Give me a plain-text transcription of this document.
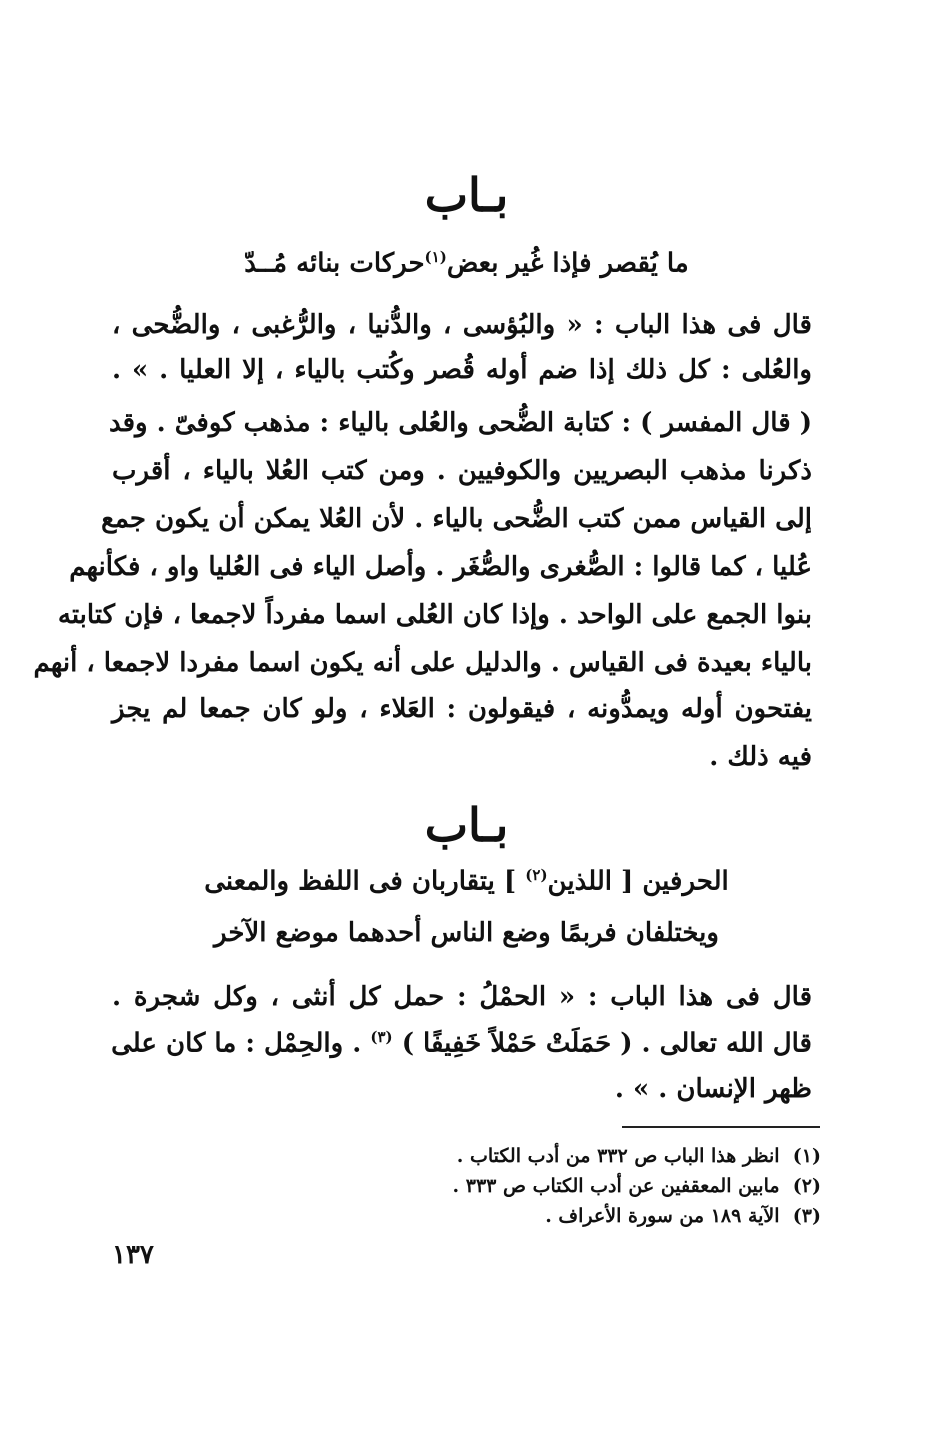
بـاب
ما يُقصر فإذا غُير بعض$^{(١)}$حركات بنائه مُــدّ
قال فى هذا الباب : « والبُؤسى ، والدُّنيا ، والرُّغبى ، والضُّحى ،
والعُلى : كل ذلك إذا ضم أوله قُصر وكُتب بالياء ، إلا العليا . » .
( قال المفسر ) : كتابة الضُّحى والعُلى بالياء : مذهب كوفىّ . وقد
ذكرنا مذهب البصريين والكوفيين . ومن كتب العُلا بالياء ، أقرب
إلى القياس ممن كتب الضُّحى بالياء . لأن العُلا يمكن أن يكون جمع
عُليا ، كما قالوا : الصُّغرى والصُّغَر . وأصل الياء فى العُليا واو ، فكأنهم
بنوا الجمع على الواحد . وإذا كان العُلى اسما مفرداً لاجمعا ، فإن كتابته
بالياء بعيدة فى القياس . والدليل على أنه يكون اسما مفردا لاجمعا ، أنهم
يفتحون أوله ويمدُّونه ، فيقولون : العَلاء ، ولو كان جمعا لم يجز
فيه ذلك .
بـاب
الحرفين [ اللذين$^{(٢)}$ ] يتقاربان فى اللفظ والمعنى
ويختلفان فربمًا وضع الناس أحدهما موضع الآخر
قال فى هذا الباب : « الحمْلُ : حمل كل أنثى ، وكل شجرة .
قال الله تعالى . ( حَمَلَتْ حَمْلاً خَفِيفًا ) $^{(٣)}$ . والحِمْل : ما كان على
ظهر الإنسان . » .
(١)  انظر هذا الباب ص ٣٣٢ من أدب الكتاب .
(٢)  مابين المعقفين عن أدب الكتاب ص ٣٣٣ .
(٣)  الآية ١٨٩ من سورة الأعراف .
١٣٧
